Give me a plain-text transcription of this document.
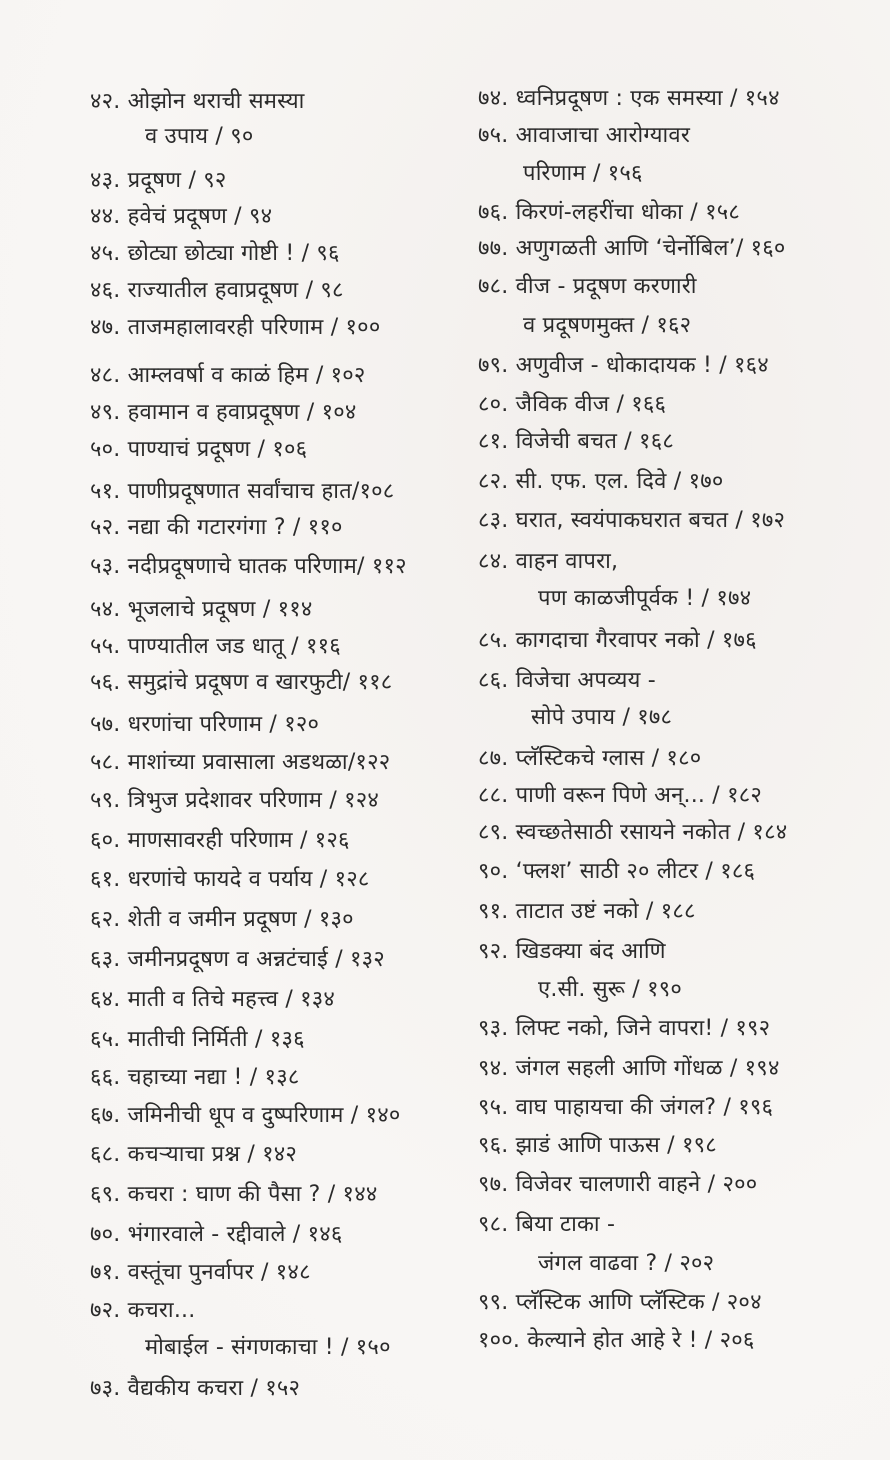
४२. ओझोन थराची समस्या
व उपाय / ९०
४३. प्रदूषण / ९२
४४. हवेचं प्रदूषण / ९४
४५. छोट्या छोट्या गोष्टी ! / ९६
४६. राज्यातील हवाप्रदूषण / ९८
४७. ताजमहालावरही परिणाम / १००
४८. आम्लवर्षा व काळं हिम / १०२
४९. हवामान व हवाप्रदूषण / १०४
५०. पाण्याचं प्रदूषण / १०६
५१. पाणीप्रदूषणात सर्वांचाच हात/१०८
५२. नद्या की गटारगंगा ? / ११०
५३. नदीप्रदूषणाचे घातक परिणाम/ ११२
५४. भूजलाचे प्रदूषण / ११४
५५. पाण्यातील जड धातू / ११६
५६. समुद्रांचे प्रदूषण व खारफुटी/ ११८
५७. धरणांचा परिणाम / १२०
५८. माशांच्या प्रवासाला अडथळा/१२२
५९. त्रिभुज प्रदेशावर परिणाम / १२४
६०. माणसावरही परिणाम / १२६
६१. धरणांचे फायदे व पर्याय / १२८
६२. शेती व जमीन प्रदूषण / १३०
६३. जमीनप्रदूषण व अन्नटंचाई / १३२
६४. माती व तिचे महत्त्व / १३४
६५. मातीची निर्मिती / १३६
६६. चहाच्या नद्या ! / १३८
६७. जमिनीची धूप व दुष्परिणाम / १४०
६८. कचऱ्याचा प्रश्न / १४२
६९. कचरा : घाण की पैसा ? / १४४
७०. भंगारवाले - रद्दीवाले / १४६
७१. वस्तूंचा पुनर्वापर / १४८
७२. कचरा...
मोबाईल - संगणकाचा ! / १५०
७३. वैद्यकीय कचरा / १५२
७४. ध्वनिप्रदूषण : एक समस्या / १५४
७५. आवाजाचा आरोग्यावर
परिणाम / १५६
७६. किरणं-लहरींचा धोका / १५८
७७. अणुगळती आणि ‘चेर्नोबिल’/ १६०
७८. वीज - प्रदूषण करणारी
व प्रदूषणमुक्त / १६२
७९. अणुवीज - धोकादायक ! / १६४
८०. जैविक वीज / १६६
८१. विजेची बचत / १६८
८२. सी. एफ. एल. दिवे / १७०
८३. घरात, स्वयंपाकघरात बचत / १७२
८४. वाहन वापरा,
पण काळजीपूर्वक ! / १७४
८५. कागदाचा गैरवापर नको / १७६
८६. विजेचा अपव्यय -
सोपे उपाय / १७८
८७. प्लॅस्टिकचे ग्लास / १८०
८८. पाणी वरून पिणे अन्... / १८२
८९. स्वच्छतेसाठी रसायने नकोत / १८४
९०. ‘फ्लश’ साठी २० लीटर / १८६
९१. ताटात उष्टं नको / १८८
९२. खिडक्या बंद आणि
ए.सी. सुरू / १९०
९३. लिफ्ट नको, जिने वापरा! / १९२
९४. जंगल सहली आणि गोंधळ / १९४
९५. वाघ पाहायचा की जंगल? / १९६
९६. झाडं आणि पाऊस / १९८
९७. विजेवर चालणारी वाहने / २००
९८. बिया टाका -
जंगल वाढवा ? / २०२
९९. प्लॅस्टिक आणि प्लॅस्टिक / २०४
१००. केल्याने होत आहे रे ! / २०६
